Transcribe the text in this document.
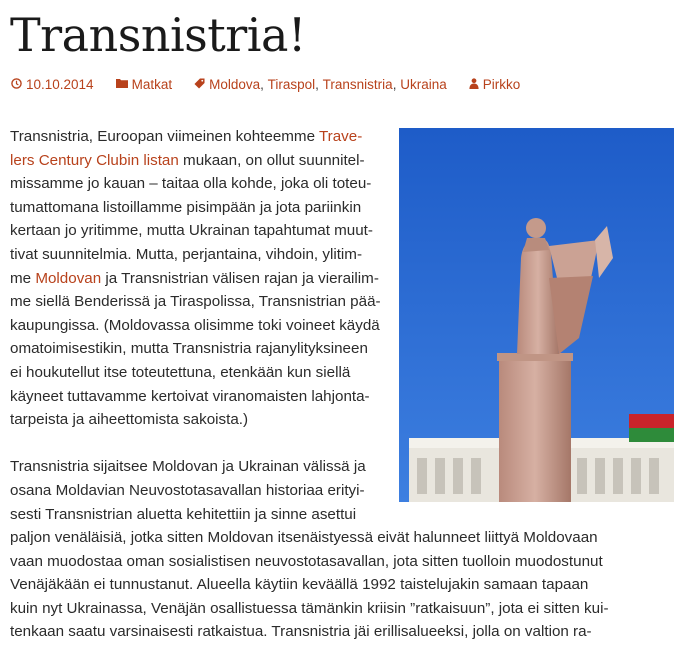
Transnistria!
10.10.2014	Matkat	Moldova , Tiraspol , Transnistria , Ukraina	Pirkko

Transnistria, Euroopan viimeinen kohteemme Trave-
lers Century Clubin listan mukaan, on ollut suunnitel-
missamme jo kauan – taitaa olla kohde, joka oli toteu-
tumattomana listoillamme pisimpään ja jota pariinkin
kertaan jo yritimme, mutta Ukrainan tapahtumat muut-
tivat suunnitelmia. Mutta, perjantaina, vihdoin, ylitim-
me Moldovan ja Transnistrian välisen rajan ja vierailim-
me siellä Benderissä ja Tiraspolissa, Transnistrian pää-
kaupungissa. (Moldovassa olisimme toki voineet käydä
omatoimisestikin, mutta Transnistria rajanylityksineen
ei houkutellut itse toteutettuna, etenkään kun siellä
käyneet tuttavamme kertoivat viranomaisten lahjonta-
tarpeista ja aiheettomista sakoista.)

Transnistria sijaitsee Moldovan ja Ukrainan välissä ja
osana Moldavian Neuvostotasavallan historiaa erityi-
sesti Transnistrian aluetta kehitettiin ja sinne asettui
paljon venäläisiä, jotka sitten Moldovan itsenäistyessä eivät halunneet liittyä Moldovaan
vaan muodostaa oman sosialistisen neuvostotasavallan, jota sitten tuolloin muodostunut
Venäjäkään ei tunnustanut. Alueella käytiin keväällä 1992 taistelujakin samaan tapaan
kuin nyt Ukrainassa, Venäjän osallistuessa tämänkin kriisin ”ratkaisuun”, jota ei sitten kui-
tenkaan saatu varsinaisesti ratkaistua. Transnistria jäi erillisalueeksi, jolla on valtion ra-
